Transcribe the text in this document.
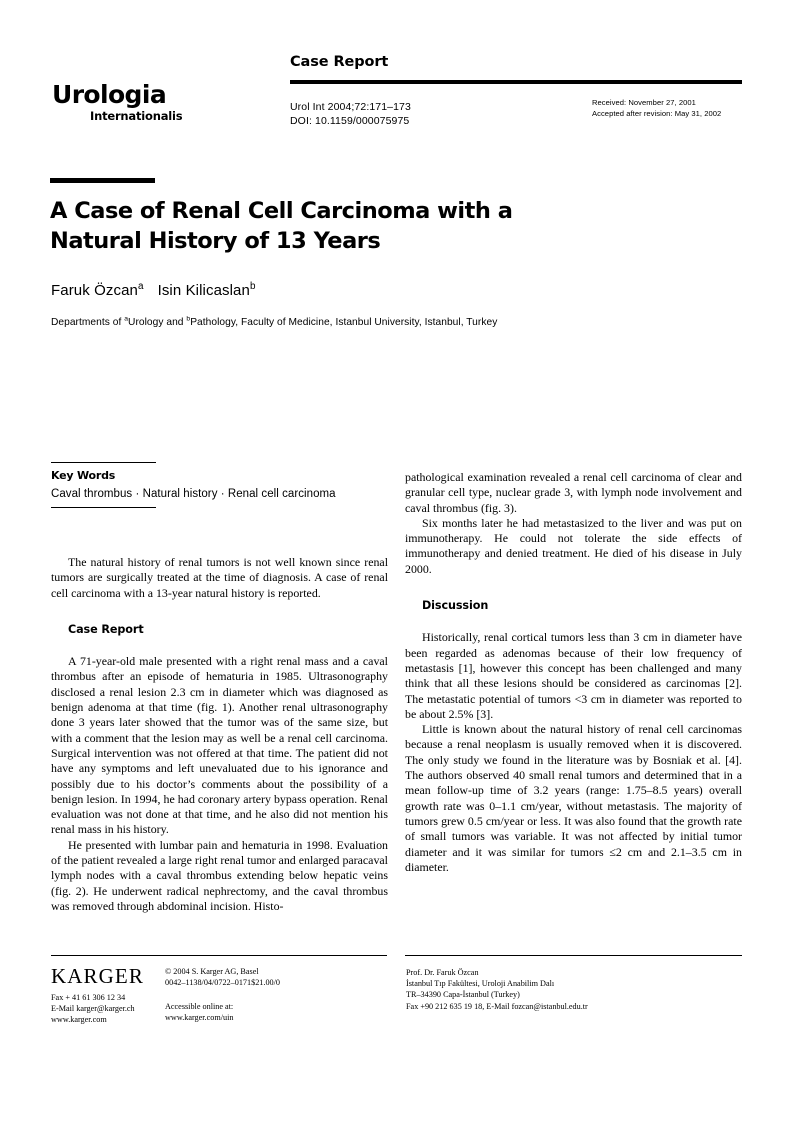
Urologia
Internationalis
Case Report
Urol Int 2004;72:171–173
DOI: 10.1159/000075975
Received: November 27, 2001
Accepted after revision: May 31, 2002
A Case of Renal Cell Carcinoma with a
Natural History of 13 Years
Faruk Özcan$^a$ Isin Kilicaslan$^b$
Departments of $^a$Urology and $^b$Pathology, Faculty of Medicine, Istanbul University, Istanbul, Turkey
Key Words
Caval thrombus · Natural history · Renal cell carcinoma

The natural history of renal tumors is not well known since renal tumors are surgically treated at the time of diagnosis. A case of renal cell carcinoma with a 13-year natural history is reported.

Case Report

A 71-year-old male presented with a right renal mass and a caval thrombus after an episode of hematuria in 1985. Ultrasonography disclosed a renal lesion 2.3 cm in diameter which was diagnosed as benign adenoma at that time (fig. 1). Another renal ultrasonography done 3 years later showed that the tumor was of the same size, but with a comment that the lesion may as well be a renal cell carcinoma. Surgical intervention was not offered at that time. The patient did not have any symptoms and left unevaluated due to his ignorance and possibly due to his doctor’s comments about the possibility of a benign lesion. In 1994, he had coronary artery bypass operation. Renal evaluation was not done at that time, and he also did not mention his renal mass in his history.

He presented with lumbar pain and hematuria in 1998. Evaluation of the patient revealed a large right renal tumor and enlarged paracaval lymph nodes with a caval thrombus extending below hepatic veins (fig. 2). He underwent radical nephrectomy, and the caval thrombus was removed through abdominal incision. Histo-

pathological examination revealed a renal cell carcinoma of clear and granular cell type, nuclear grade 3, with lymph node involvement and caval thrombus (fig. 3).

Six months later he had metastasized to the liver and was put on immunotherapy. He could not tolerate the side effects of immunotherapy and denied treatment. He died of his disease in July 2000.

Discussion

Historically, renal cortical tumors less than 3 cm in diameter have been regarded as adenomas because of their low frequency of metastasis [1], however this concept has been challenged and many think that all these lesions should be considered as carcinomas [2]. The metastatic potential of tumors <3 cm in diameter was reported to be about 2.5% [3].

Little is known about the natural history of renal cell carcinomas because a renal neoplasm is usually removed when it is discovered. The only study we found in the literature was by Bosniak et al. [4]. The authors observed 40 small renal tumors and determined that in a mean follow-up time of 3.2 years (range: 1.75–8.5 years) overall growth rate was 0–1.1 cm/year, without metastasis. The majority of tumors grew 0.5 cm/year or less. It was also found that the growth rate of small tumors was variable. It was not affected by initial tumor diameter and it was similar for tumors ≤2 cm and 2.1–3.5 cm in diameter.

KARGER
Fax + 41 61 306 12 34
E-Mail karger@karger.ch
www.karger.com
© 2004 S. Karger AG, Basel
0042–1138/04/0722–0171$21.00/0
Accessible online at:
www.karger.com/uin
Prof. Dr. Faruk Özcan
İstanbul Tıp Fakültesi, Uroloji Anabilim Dalı
TR–34390 Capa-İstanbul (Turkey)
Fax +90 212 635 19 18, E-Mail fozcan@istanbul.edu.tr
